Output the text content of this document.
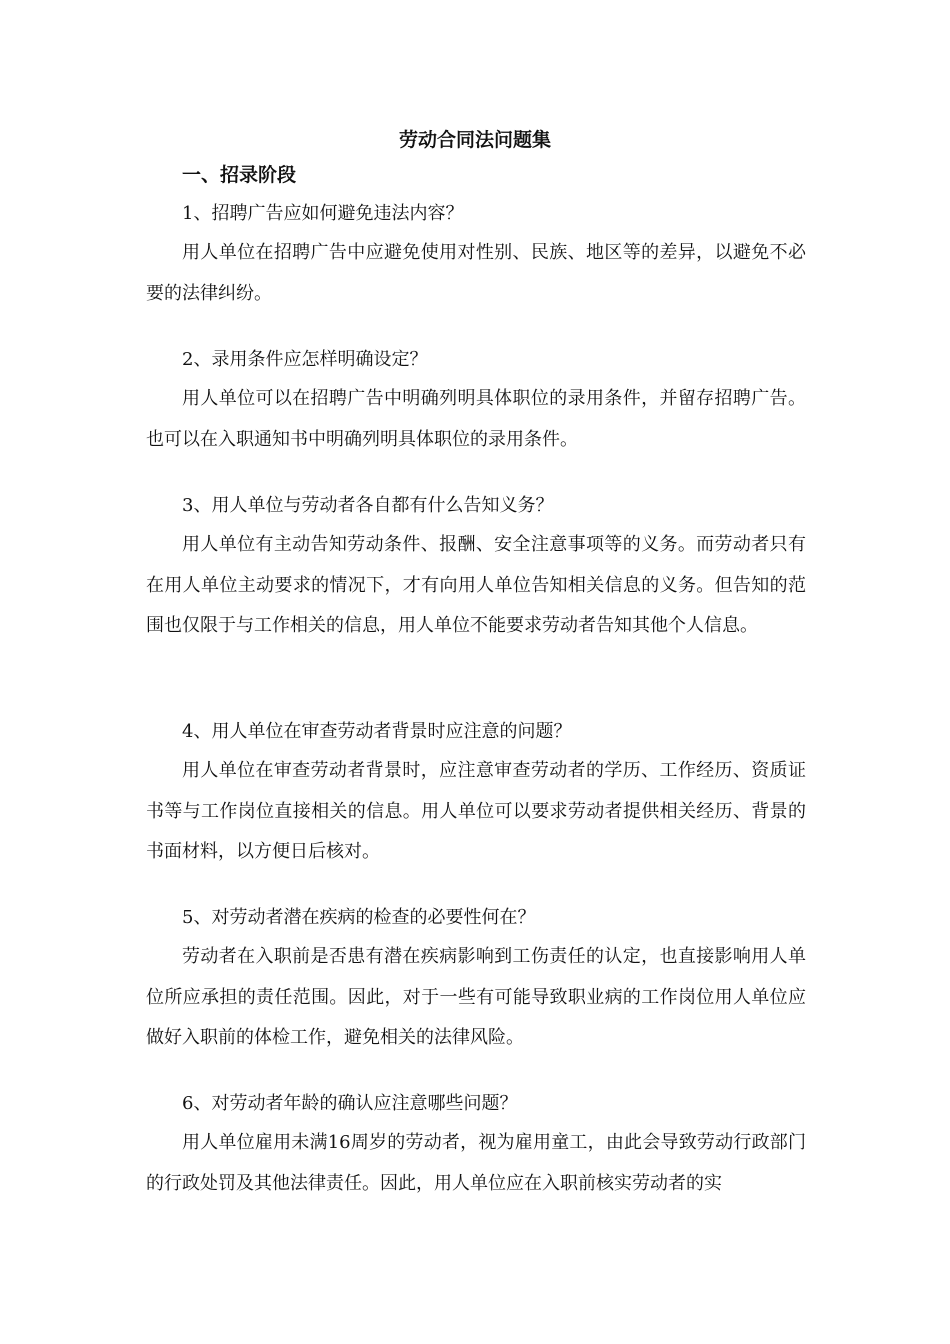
劳动合同法问题集
一、招录阶段
1、招聘广告应如何避免违法内容？

用人单位在招聘广告中应避免使用对性别、民族、地区等的差异，以避免不必要的法律纠纷。

2、录用条件应怎样明确设定？

用人单位可以在招聘广告中明确列明具体职位的录用条件，并留存招聘广告。也可以在入职通知书中明确列明具体职位的录用条件。

3、用人单位与劳动者各自都有什么告知义务？

用人单位有主动告知劳动条件、报酬、安全注意事项等的义务。而劳动者只有在用人单位主动要求的情况下，才有向用人单位告知相关信息的义务。但告知的范围也仅限于与工作相关的信息，用人单位不能要求劳动者告知其他个人信息。

4、用人单位在审查劳动者背景时应注意的问题？

用人单位在审查劳动者背景时，应注意审查劳动者的学历、工作经历、资质证书等与工作岗位直接相关的信息。用人单位可以要求劳动者提供相关经历、背景的书面材料，以方便日后核对。

5、对劳动者潜在疾病的检查的必要性何在？

劳动者在入职前是否患有潜在疾病影响到工伤责任的认定，也直接影响用人单位所应承担的责任范围。因此，对于一些有可能导致职业病的工作岗位用人单位应做好入职前的体检工作，避免相关的法律风险。

6、对劳动者年龄的确认应注意哪些问题？

用人单位雇用未满16周岁的劳动者，视为雇用童工，由此会导致劳动行政部门的行政处罚及其他法律责任。因此，用人单位应在入职前核实劳动者的实
